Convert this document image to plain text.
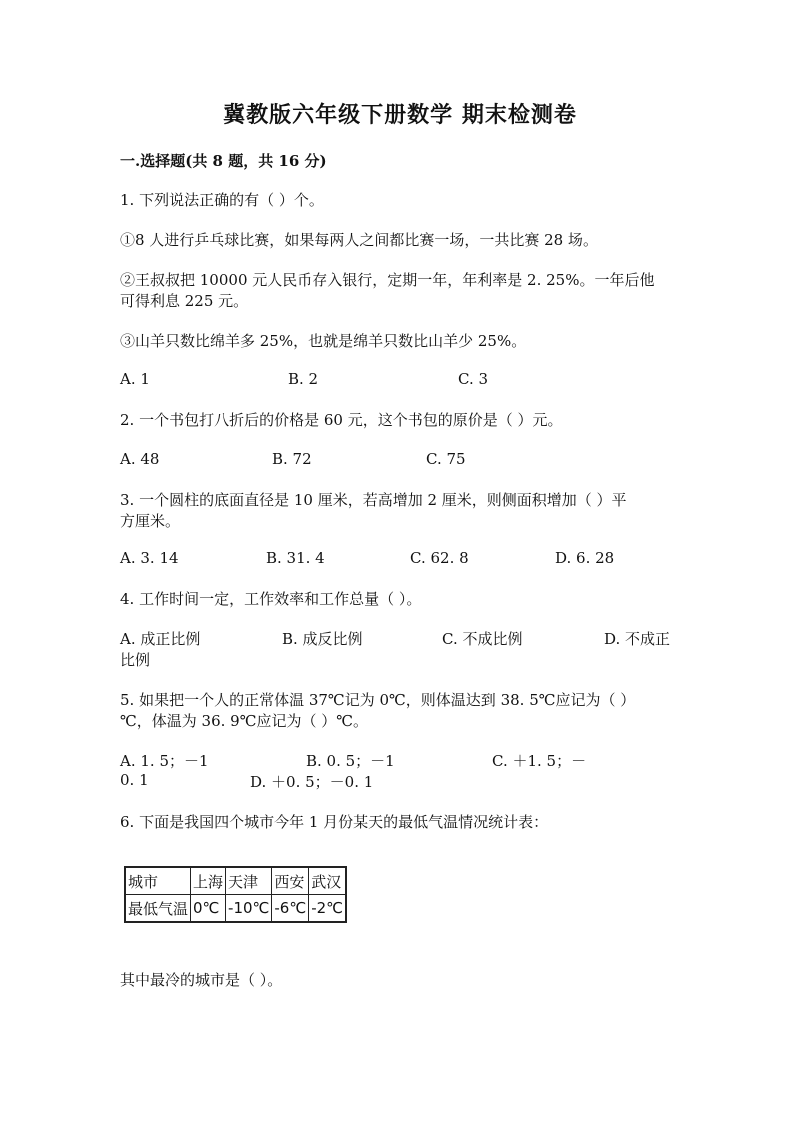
冀教版六年级下册数学 期末检测卷
一.选择题(共 8 题，共 16 分)
1. 下列说法正确的有（ ）个。
①8 人进行乒乓球比赛，如果每两人之间都比赛一场，一共比赛 28 场。
②王叔叔把 10000 元人民币存入银行，定期一年，年利率是 2. 25%。一年后他
可得利息 225 元。
③山羊只数比绵羊多 25%，也就是绵羊只数比山羊少 25%。
A. 1	B. 2	C. 3
2. 一个书包打八折后的价格是 60 元，这个书包的原价是（ ）元。
A. 48	B. 72	C. 75
3. 一个圆柱的底面直径是 10 厘米，若高增加 2 厘米，则侧面积增加（ ）平
方厘米。
A. 3. 14	B. 31. 4	C. 62. 8	D. 6. 28
4. 工作时间一定，工作效率和工作总量（ ）。
A. 成正比例	B. 成反比例	C. 不成比例	D. 不成正
比例
5. 如果把一个人的正常体温 37℃记为 0℃，则体温达到 38. 5℃应记为（ ）
℃，体温为 36. 9℃应记为（ ）℃。
A. 1. 5；－1	B. 0. 5；－1	C. ＋1. 5；－
0. 1	D. ＋0. 5；－0. 1
6. 下面是我国四个城市今年 1 月份某天的最低气温情况统计表：
城市	上海	天津	西安	武汉
最低气温	0℃	-10℃	-6℃	-2℃
其中最冷的城市是（ ）。
